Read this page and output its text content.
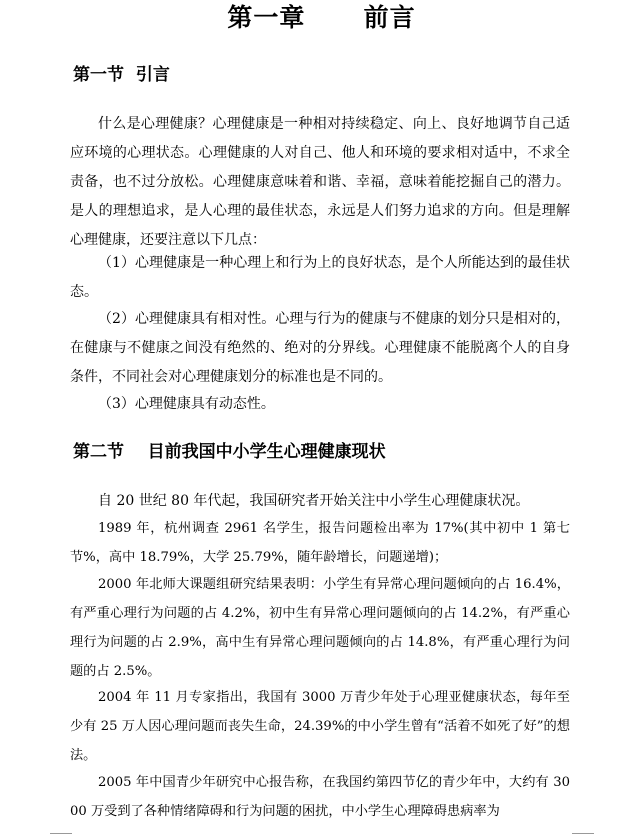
第一章      前言
第一节  引言

什么是心理健康？心理健康是一种相对持续稳定、向上、良好地调节自己适应环境的心理状态。心理健康的人对自己、他人和环境的要求相对适中，不求全责备，也不过分放松。心理健康意味着和谐、幸福，意味着能挖掘自己的潜力。是人的理想追求，是人心理的最佳状态，永远是人们努力追求的方向。但是理解心理健康，还要注意以下几点：

（1）心理健康是一种心理上和行为上的良好状态，是个人所能达到的最佳状态。

（2）心理健康具有相对性。心理与行为的健康与不健康的划分只是相对的，在健康与不健康之间没有绝然的、绝对的分界线。心理健康不能脱离个人的自身条件，不同社会对心理健康划分的标准也是不同的。

（3）心理健康具有动态性。

第二节    目前我国中小学生心理健康现状

自 20 世纪 80 年代起，我国研究者开始关注中小学生心理健康状况。

1989 年，杭州调查 2961 名学生，报告问题检出率为 17%(其中初中 1 第七节%，高中 18.79%，大学 25.79%，随年龄增长，问题递增)；

2000 年北师大课题组研究结果表明：小学生有异常心理问题倾向的占 16.4%，有严重心理行为问题的占 4.2%，初中生有异常心理问题倾向的占 14.2%，有严重心理行为问题的占 2.9%，高中生有异常心理问题倾向的占 14.8%，有严重心理行为问题的占 2.5%。

2004 年 11 月专家指出，我国有 3000 万青少年处于心理亚健康状态，每年至少有 25 万人因心理问题而丧失生命，24.39%的中小学生曾有“活着不如死了好”的想法。

2005 年中国青少年研究中心报告称，在我国约第四节亿的青少年中，大约有 3000 万受到了各种情绪障碍和行为问题的困扰，中小学生心理障碍患病率为
